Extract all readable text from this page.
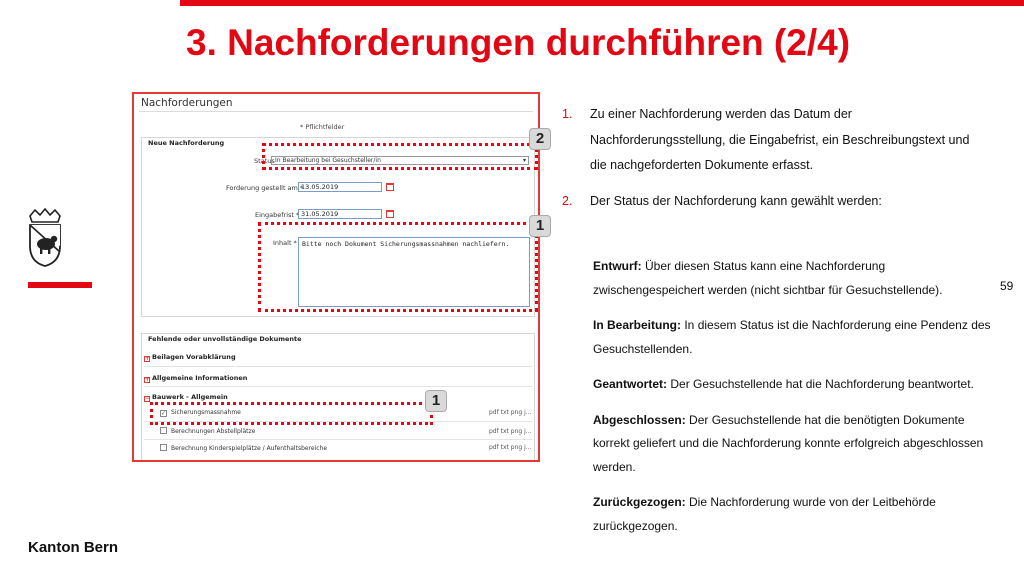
3. Nachforderungen durchführen (2/4)
Kanton Bern
59
Nachforderungen
* Pflichtfelder
Neue Nachforderung
Status In Bearbeitung bei Gesuchsteller/in	▾
Forderung gestellt am *
13.05.2019
Eingabefrist * 31.05.2019
Inhalt * Bitte noch Dokument Sicherungsmassnahmen nachliefern.
Fehlende oder unvollständige Dokumente
+ Beilagen Vorabklärung
+ Allgemeine Informationen
− Bauwerk - Allgemein
✓ Sicherungsmassnahme	pdf txt png j...
Berechnungen Abstellplätze	pdf txt png j...
Berechnung Kinderspielplätze / Aufenthaltsbereiche	pdf txt png j...
2
1
1
1. Zu einer Nachforderung werden das Datum der Nachforderungsstellung, die Eingabefrist, ein Beschreibungstext und die nachgeforderten Dokumente erfasst.
2. Der Status der Nachforderung kann gewählt werden:
Entwurf: Über diesen Status kann eine Nachforderung zwischengespeichert werden (nicht sichtbar für Gesuchstellende).
In Bearbeitung: In diesem Status ist die Nachforderung eine Pendenz des Gesuchstellenden.
Geantwortet: Der Gesuchstellende hat die Nachforderung beantwortet.
Abgeschlossen: Der Gesuchstellende hat die benötigten Dokumente korrekt geliefert und die Nachforderung konnte erfolgreich abgeschlossen werden.
Zurückgezogen: Die Nachforderung wurde von der Leitbehörde zurückgezogen.
